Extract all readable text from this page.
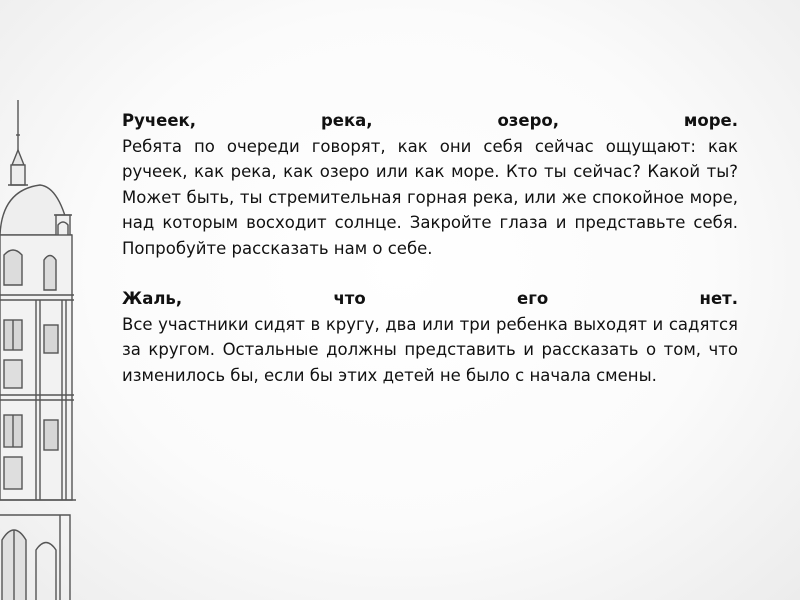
Ручеек,	река,	озеро,	море.
Ребята по очереди говорят, как они себя сейчас ощущают: как ручеек, как река, как озеро или как море. Кто ты сейчас? Какой ты? Может быть, ты стремительная горная река, или же спокойное море, над которым восходит солнце. Закройте глаза и представьте себя. Попробуйте рассказать нам о себе.
Жаль,	что	его	нет.
Все участники сидят в кругу, два или три ребенка выходят и садятся за кругом. Остальные должны представить и рассказать о том, что изменилось бы, если бы этих детей не было с начала смены.
